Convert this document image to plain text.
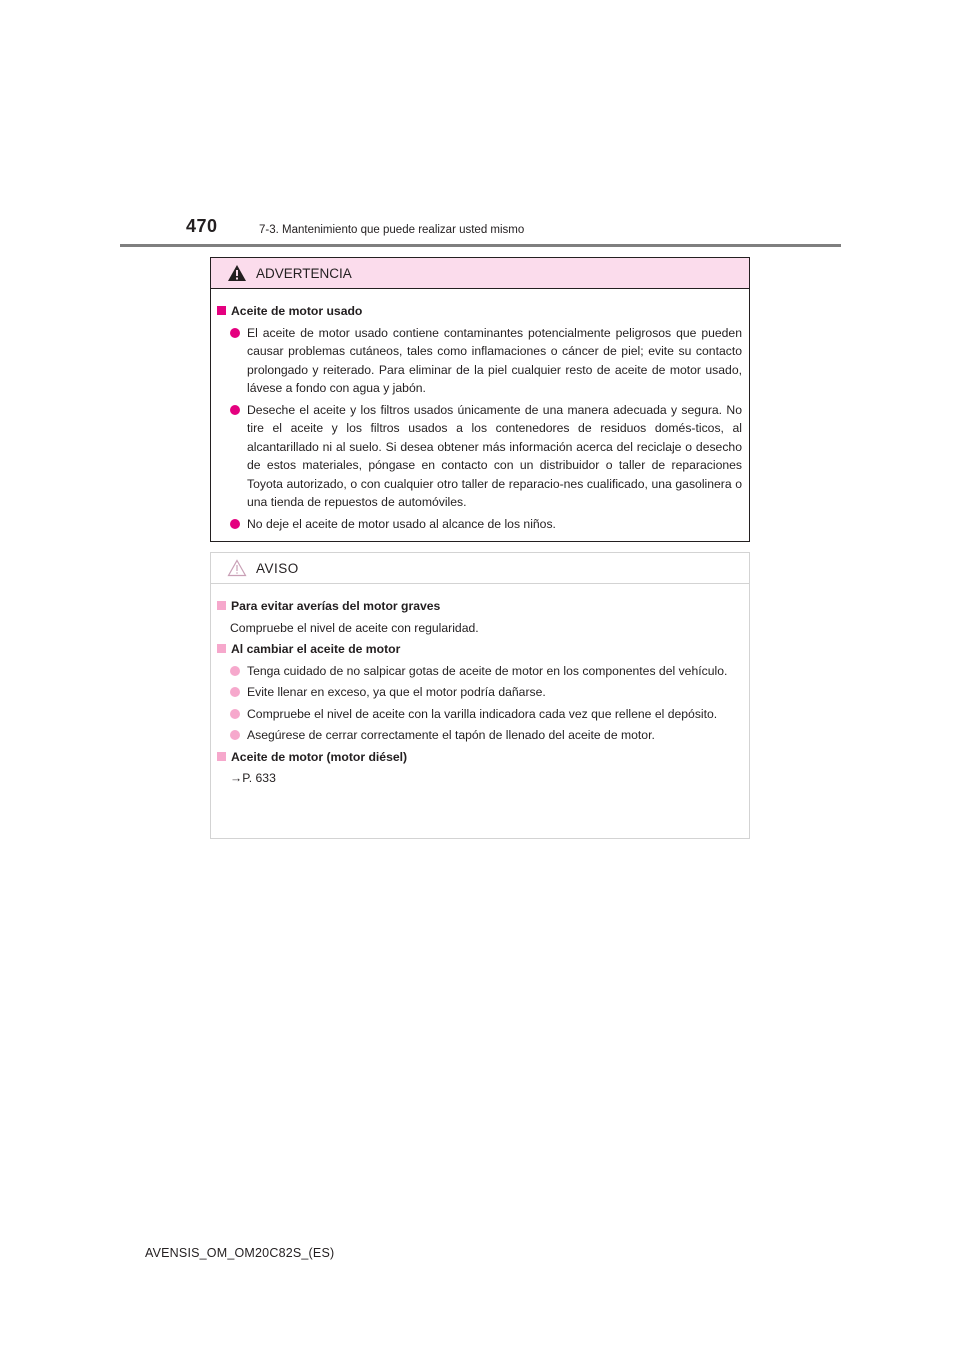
470	7-3. Mantenimiento que puede realizar usted mismo
ADVERTENCIA
Aceite de motor usado
El aceite de motor usado contiene contaminantes potencialmente peligrosos que pueden causar problemas cutáneos, tales como inflamaciones o cáncer de piel; evite su contacto prolongado y reiterado. Para eliminar de la piel cualquier resto de aceite de motor usado, lávese a fondo con agua y jabón.
Deseche el aceite y los filtros usados únicamente de una manera adecuada y segura. No tire el aceite y los filtros usados a los contenedores de residuos domés-ticos, al alcantarillado ni al suelo. Si desea obtener más información acerca del reciclaje o desecho de estos materiales, póngase en contacto con un distribuidor o taller de reparaciones Toyota autorizado, o con cualquier otro taller de reparacio-nes cualificado, una gasolinera o una tienda de repuestos de automóviles.
No deje el aceite de motor usado al alcance de los niños.
AVISO
Para evitar averías del motor graves
Compruebe el nivel de aceite con regularidad.
Al cambiar el aceite de motor
Tenga cuidado de no salpicar gotas de aceite de motor en los componentes del vehículo.
Evite llenar en exceso, ya que el motor podría dañarse.
Compruebe el nivel de aceite con la varilla indicadora cada vez que rellene el depósito.
Asegúrese de cerrar correctamente el tapón de llenado del aceite de motor.
Aceite de motor (motor diésel)
→P. 633
AVENSIS_OM_OM20C82S_(ES)
